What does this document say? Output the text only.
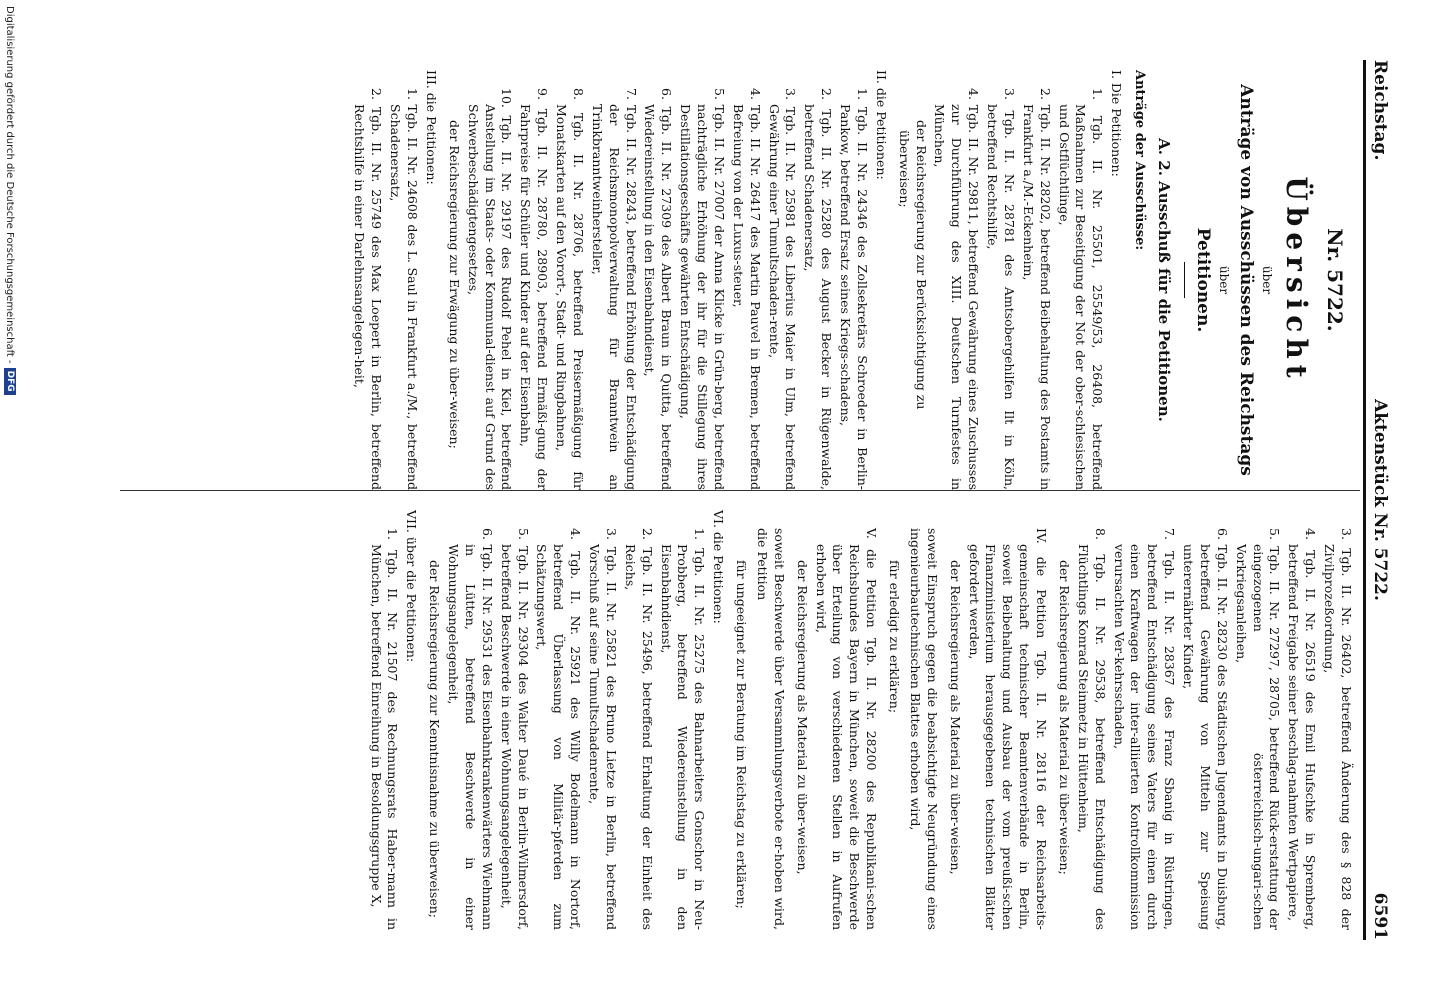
Reichstag.
Aktenstück Nr. 5722.
6591
Nr. 5722.
Übersicht
über
Anträge von Ausschüssen des Reichstags
über
Petitionen.
A. 2. Ausschuß für die Petitionen.
Anträge der Ausschüsse:
I. Die Petitionen:
1. Tgb. II. Nr. 25501, 25549/53, 26408, betreffend Maßnahmen zur Beseitigung der Not der ober-schlesischen und Ostflüchtlinge,
2. Tgb. II. Nr. 28202, betreffend Beibehaltung des Postamts in Frankfurt a./M.-Eckenheim,
3. Tgb. II. Nr. 28781 des Amtsobergehilfen Ilt in Köln, betreffend Rechtshilfe,
4. Tgb. II. Nr. 29811, betreffend Gewährung eines Zuschusses zur Durchführung des XIII. Deutschen Turnfestes in München,
der Reichsregierung zur Berücksichtigung zu überweisen;
II. die Petitionen:
1. Tgb. II. Nr. 24346 des Zollsekretärs Schroeder in Berlin-Pankow, betreffend Ersatz seines Kriegs-schadens,
2. Tgb. II. Nr. 25280 des August Becker in Rügenwalde, betreffend Schadenersatz,
3. Tgb. II. Nr. 25981 des Liberius Maier in Ulm, betreffend Gewährung einer Tumultschaden-rente,
4. Tgb. II. Nr. 26417 des Martin Pauvel in Bremen, betreffend Befreiung von der Luxus-steuer,
5. Tgb. II. Nr. 27007 der Anna Klicke in Grün-berg, betreffend nachträgliche Erhöhung der ihr für die Stillegung ihres Destillationsgeschäfts gewährten Entschädigung,
6. Tgb. II. Nr. 27309 des Albert Braun in Quitta, betreffend Wiedereinstellung in den Eisenbahndienst,
7. Tgb. II. Nr. 28243, betreffend Erhöhung der Entschädigung der Reichsmonopolverwaltung für Branntwein an Trinkbranntweinhersteller,
8. Tgb. II. Nr. 28706, betreffend Preisermäßigung für Monatskarten auf den Vorort-, Stadt- und Ringbahnen,
9. Tgb. II. Nr. 28780, 28903, betreffend Ermäßi-gung der Fahrpreise für Schüler und Kinder auf der Eisenbahn,
10. Tgb. II. Nr. 29197 des Rudolf Pehel in Kiel, betreffend Anstellung im Staats- oder Kommunal-dienst auf Grund des Schwerbeschädigtengesetzes,
der Reichsregierung zur Erwägung zu über-weisen;
III. die Petitionen:
1. Tgb. II. Nr. 24608 des L. Saul in Frankfurt a./M., betreffend Schadenersatz,
2. Tgb. II. Nr. 25749 des Max Loepert in Berlin, betreffend Rechtshilfe in einer Darlehnsangelegen-heit,
3. Tgb. II. Nr. 26402, betreffend Änderung des § 828 der Zivilprozeßordnung,
4. Tgb. II. Nr. 26519 des Emil Hufschke in Spremberg, betreffend Freigabe seiner beschlag-nahmten Wertpapiere,
5. Tgb. II. Nr. 27297, 28705, betreffend Rück-erstattung der eingezogenen österreichisch-ungari-schen Vorkriegsanleihen,
6. Tgb. II. Nr. 28230 des Städtischen Jugendamts in Duisburg, betreffend Gewährung von Mitteln zur Speisung unterernährter Kinder,
7. Tgb. II. Nr. 28367 des Franz Sbanig in Rüstringen, betreffend Entschädigung seines Vaters für einen durch einen Kraftwagen der inter-alliierten Kontrollkommission verursachten Ver-kehrsschaden,
8. Tgb. II. Nr. 29538, betreffend Entschädigung des Flüchtlings Konrad Steinmetz in Hüttenheim,
der Reichsregierung als Material zu über-weisen;
IV. die Petition Tgb. II. Nr. 28116 der Reichsarbeits-gemeinschaft technischer Beamtenverbände in Berlin, soweit Beibehaltung und Ausbau der vom preußi-schen Finanzministerium herausgegebenen technischen Blätter gefordert werden,
der Reichsregierung als Material zu über-weisen,
soweit Einspruch gegen die beabsichtigte Neugründung eines ingenieurbautechnischen Blattes erhoben wird,
für erledigt zu erklären;
V. die Petition Tgb. II. Nr. 28200 des Republikani-schen Reichsbundes Bayern in München, soweit die Beschwerde über Erteilung von verschiedenen Stellen in Aufrufen erhoben wird,
der Reichsregierung als Material zu über-weisen,
soweit Beschwerde über Versammlungsverbote er-hoben wird, die Petition
für ungeeignet zur Beratung im Reichstag zu erklären;
VI. die Petitionen:
1. Tgb. II. Nr. 25275 des Bahnarbeiters Gonschor in Neu-Probberg, betreffend Wiedereinstellung in den Eisenbahndienst,
2. Tgb. II. Nr. 25496, betreffend Erhaltung der Einheit des Reichs,
3. Tgb. II. Nr. 25821 des Bruno Lietze in Berlin, betreffend Vorschuß auf seine Tumultschadenrente,
4. Tgb. II. Nr. 25921 des Willy Bodelmann in Nortorf, betreffend Überlassung von Militär-pferden zum Schätzungswert,
5. Tgb. II. Nr. 29304 des Walter Daué in Berlin-Wilmersdorf, betreffend Beschwerde in einer Wohnungsangelegenheit,
6. Tgb. II. Nr. 29531 des Eisenbahnkrankenwärters Wiehmann in Lütten, betreffend Beschwerde in einer Wohnungsangelegenheit,
der Reichsregierung zur Kenntnisnahme zu überweisen;
VII. über die Petitionen:
1. Tgb. II. Nr. 21507 des Rechnungsrats Haber-mann in München, betreffend Einreihung in Besoldungsgruppe X,
Digitalisierung gefördert durch die Deutsche Forschungsgemeinschaft -
DFG
